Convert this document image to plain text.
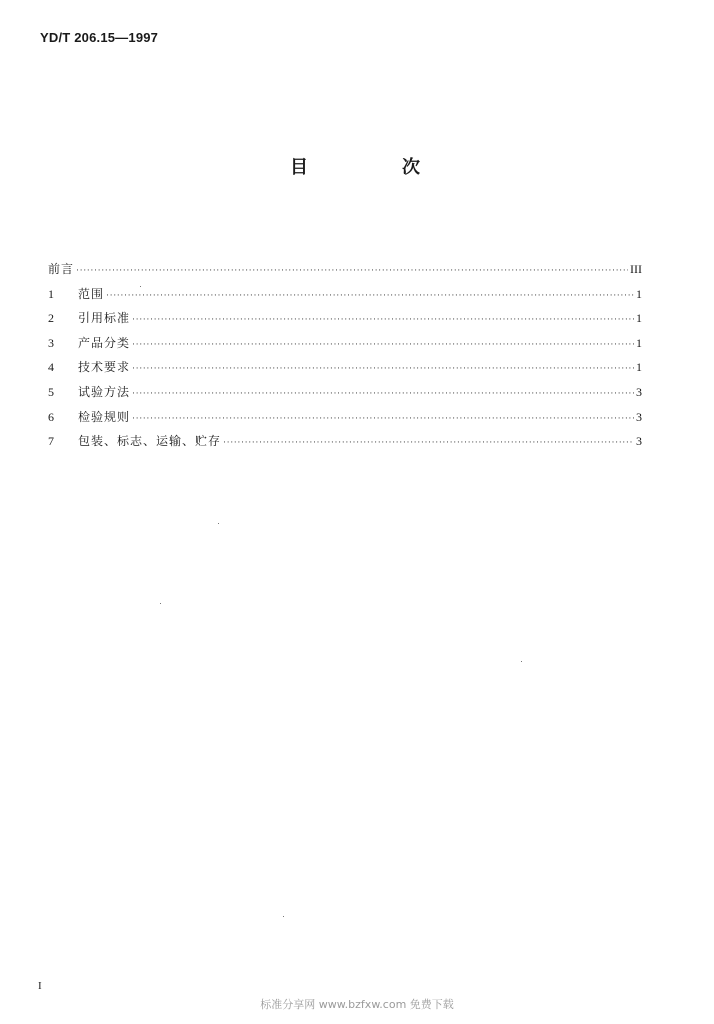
YD/T 206.15—1997
目	次
前言 ·····	III
1	范围 ·····	1
2	引用标准 ·····	1
3	产品分类 ·····	1
4	技术要求 ·····	1
5	试验方法 ·····	3
6	检验规则 ·····	3
7	包装、标志、运输、贮存 ·····	3
I
标准分享网 www.bzfxw.com 免费下载
